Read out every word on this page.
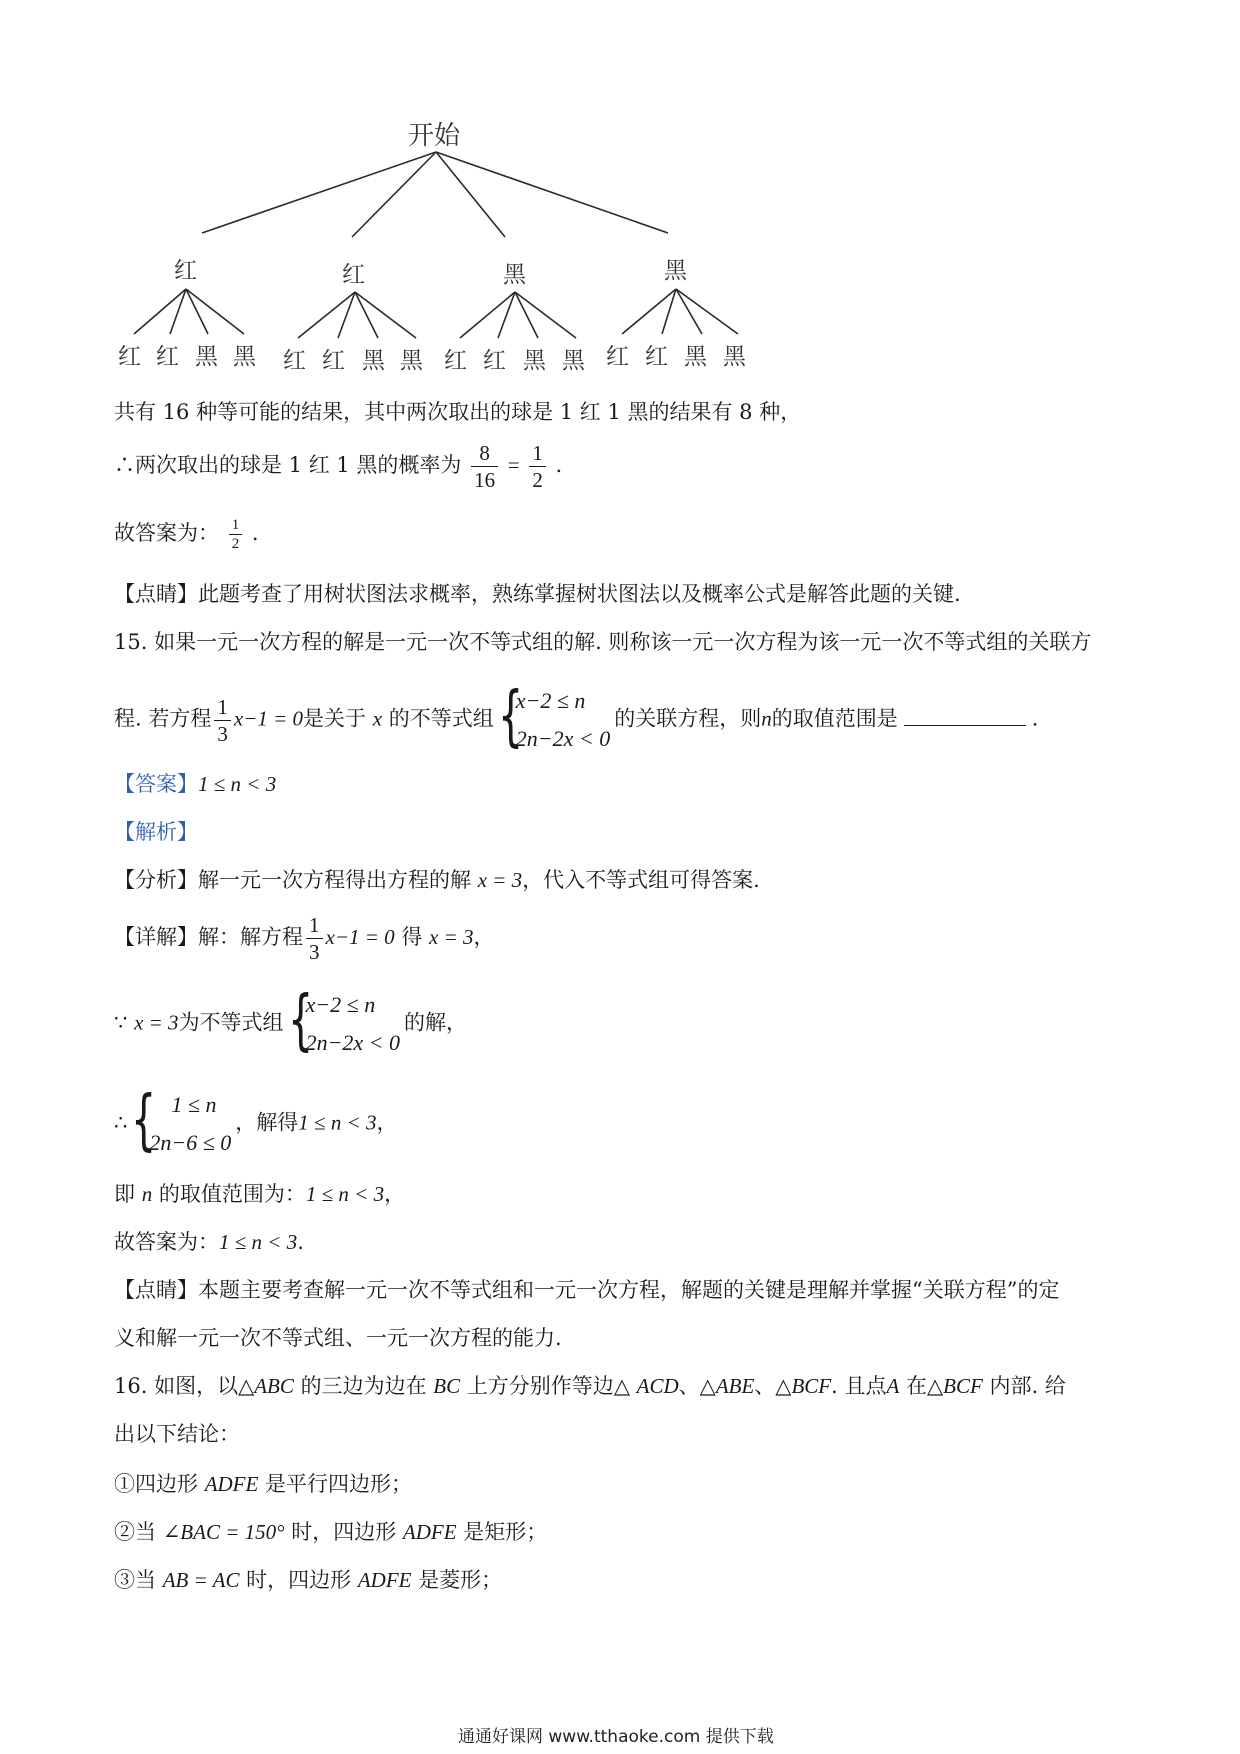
开始
红	红	黑	黑
红 红 黑 黑 红 红 黑 黑 红 红 黑 黑 红 红 黑 黑
共有 16 种等可能的结果，其中两次取出的球是 1 红 1 黑的结果有 8 种，
∴两次取出的球是 1 红 1 黑的概率为 $\frac{8}{16} = \frac{1}{2}$ .
故答案为： $\frac{1}{2}$ .
【点睛】此题考查了用树状图法求概率，熟练掌握树状图法以及概率公式是解答此题的关键.
15. 如果一元一次方程的解是一元一次不等式组的解. 则称该一元一次方程为该一元一次不等式组的关联方
程. 若方程 $\frac{1}{3} x-1 = 0$是关于 x 的不等式组 {
x−2 ≤ n
2n−2x < 0
的关联方程，则n的取值范围是	.
【答案】1 ≤ n < 3
【解析】
【分析】解一元一次方程得出方程的解 x = 3，代入不等式组可得答案.
【详解】解：解方程 $\frac{1}{3} x-1 = 0$ 得 x = 3，
∵ x = 3为不等式组 {
x−2 ≤ n
2n−2x < 0
的解，
∴ { 1 ≤ n
2n−6 ≤ 0
，解得1 ≤ n < 3，
即 n 的取值范围为：1 ≤ n < 3，
故答案为：1 ≤ n < 3.
【点睛】本题主要考查解一元一次不等式组和一元一次方程，解题的关键是理解并掌握“关联方程”的定
义和解一元一次不等式组、一元一次方程的能力.
16. 如图，以△ABC 的三边为边在 BC 上方分别作等边△ ACD、△ABE、△BCF. 且点A 在△BCF 内部. 给
出以下结论：
①四边形 ADFE 是平行四边形；
②当 ∠BAC = 150° 时，四边形 ADFE 是矩形；
③当 AB = AC 时，四边形 ADFE 是菱形；
通通好课网 www.tthaoke.com 提供下载
